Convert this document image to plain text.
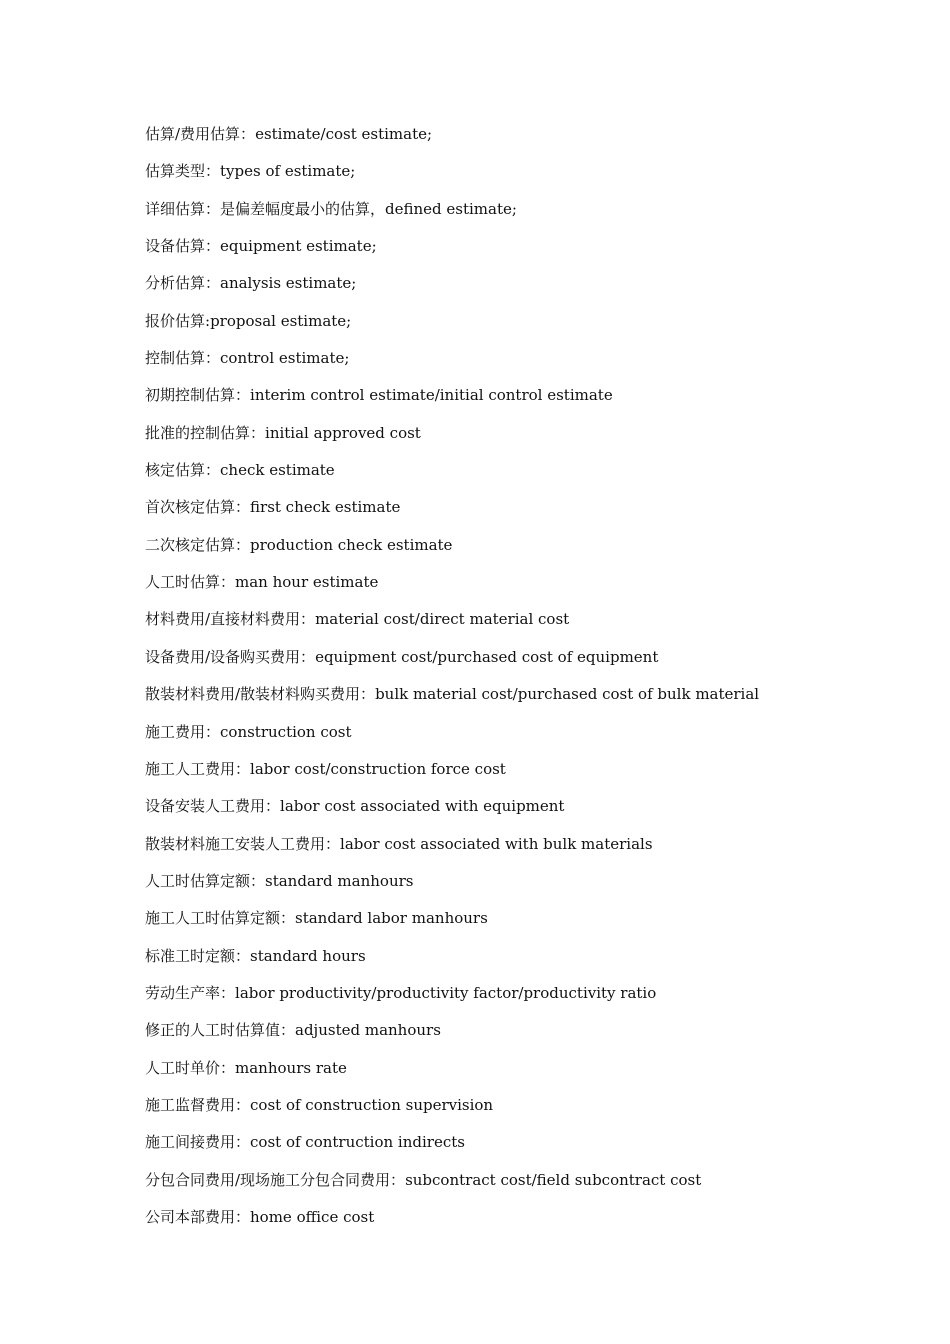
估算/费用估算：estimate/cost estimate;
估算类型：types of estimate;
详细估算：是偏差幅度最小的估算，defined estimate;
设备估算：equipment estimate;
分析估算：analysis estimate;
报价估算:proposal estimate;
控制估算：control estimate;
初期控制估算：interim control estimate/initial control estimate
批准的控制估算：initial approved cost
核定估算：check estimate
首次核定估算：first check estimate
二次核定估算：production check estimate
人工时估算：man hour estimate
材料费用/直接材料费用：material cost/direct material cost
设备费用/设备购买费用：equipment cost/purchased cost of equipment
散装材料费用/散装材料购买费用：bulk material cost/purchased cost of bulk material
施工费用：construction cost
施工人工费用：labor cost/construction force cost
设备安装人工费用：labor cost associated with equipment
散装材料施工安装人工费用：labor cost associated with bulk materials
人工时估算定额：standard manhours
施工人工时估算定额：standard labor manhours
标准工时定额：standard hours
劳动生产率：labor productivity/productivity factor/productivity ratio
修正的人工时估算值：adjusted manhours
人工时单价：manhours rate
施工监督费用：cost of construction supervision
施工间接费用：cost of contruction indirects
分包合同费用/现场施工分包合同费用：subcontract cost/field subcontract cost
公司本部费用：home office cost
